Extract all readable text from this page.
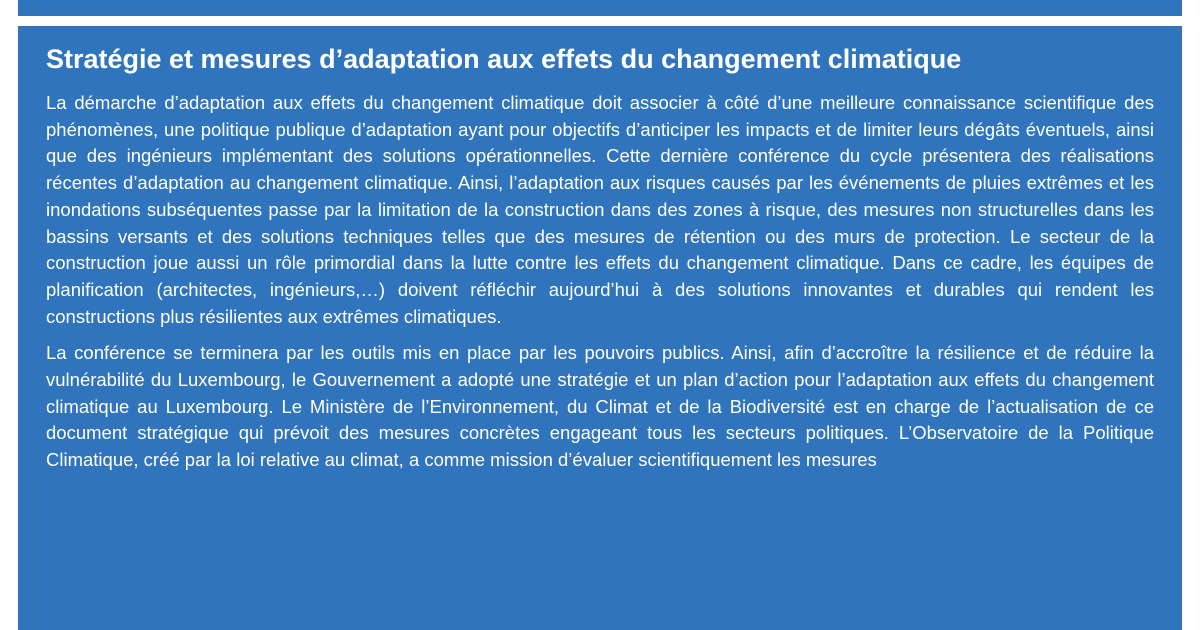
Stratégie et mesures d’adaptation aux effets du changement climatique

La démarche d’adaptation aux effets du changement climatique doit associer à côté d’une meilleure connaissance scientifique des phénomènes, une politique publique d’adaptation ayant pour objectifs d’anticiper les impacts et de limiter leurs dégâts éventuels, ainsi que des ingénieurs implémentant des solutions opérationnelles. Cette dernière conférence du cycle présentera des réalisations récentes d’adaptation au changement climatique. Ainsi, l’adaptation aux risques causés par les événements de pluies extrêmes et les inondations subséquentes passe par la limitation de la construction dans des zones à risque, des mesures non structurelles dans les bassins versants et des solutions techniques telles que des mesures de rétention ou des murs de protection. Le secteur de la construction joue aussi un rôle primordial dans la lutte contre les effets du changement climatique. Dans ce cadre, les équipes de planification (architectes, ingénieurs,…) doivent réfléchir aujourd’hui à des solutions innovantes et durables qui rendent les constructions plus résilientes aux extrêmes climatiques.

La conférence se terminera par les outils mis en place par les pouvoirs publics. Ainsi, afin d’accroître la résilience et de réduire la vulnérabilité du Luxembourg, le Gouvernement a adopté une stratégie et un plan d’action pour l’adaptation aux effets du changement climatique au Luxembourg. Le Ministère de l’Environnement, du Climat et de la Biodiversité est en charge de l’actualisation de ce document stratégique qui prévoit des mesures concrètes engageant tous les secteurs politiques. L’Observatoire de la Politique Climatique, créé par la loi relative au climat, a comme mission d’évaluer scientifiquement les mesures
